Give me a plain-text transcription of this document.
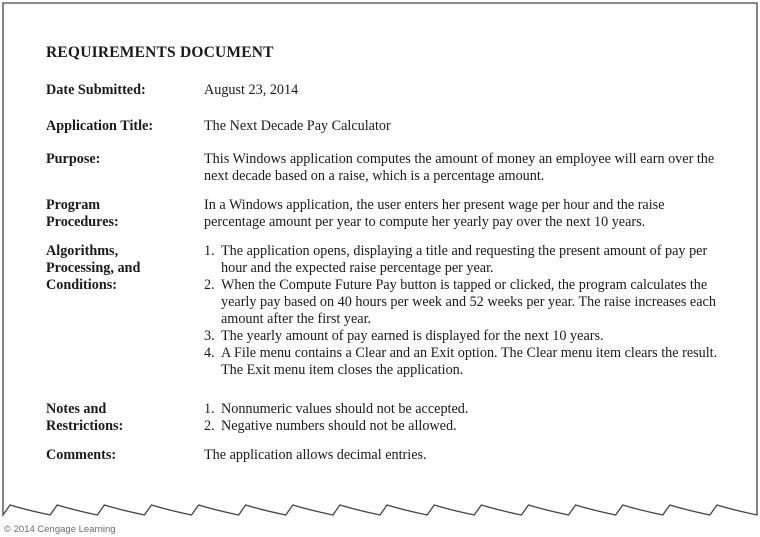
REQUIREMENTS DOCUMENT
Date Submitted:	August 23, 2014
Application Title:	The Next Decade Pay Calculator
Purpose:	This Windows application computes the amount of money an employee will earn over the next decade based on a raise, which is a percentage amount.
Program
Procedures:
In a Windows application, the user enters her present wage per hour and the raise percentage amount per year to compute her yearly pay over the next 10 years.
Algorithms,
Processing, and
Conditions:
1. The application opens, displaying a title and requesting the present amount of pay per hour and the expected raise percentage per year.
2. When the Compute Future Pay button is tapped or clicked, the program calculates the yearly pay based on 40 hours per week and 52 weeks per year. The raise increases each amount after the first year.
3. The yearly amount of pay earned is displayed for the next 10 years.
4. A File menu contains a Clear and an Exit option. The Clear menu item clears the result. The Exit menu item closes the application.
Notes and
Restrictions:
1. Nonnumeric values should not be accepted.
2. Negative numbers should not be allowed.
Comments:	The application allows decimal entries.
© 2014 Cengage Learning
